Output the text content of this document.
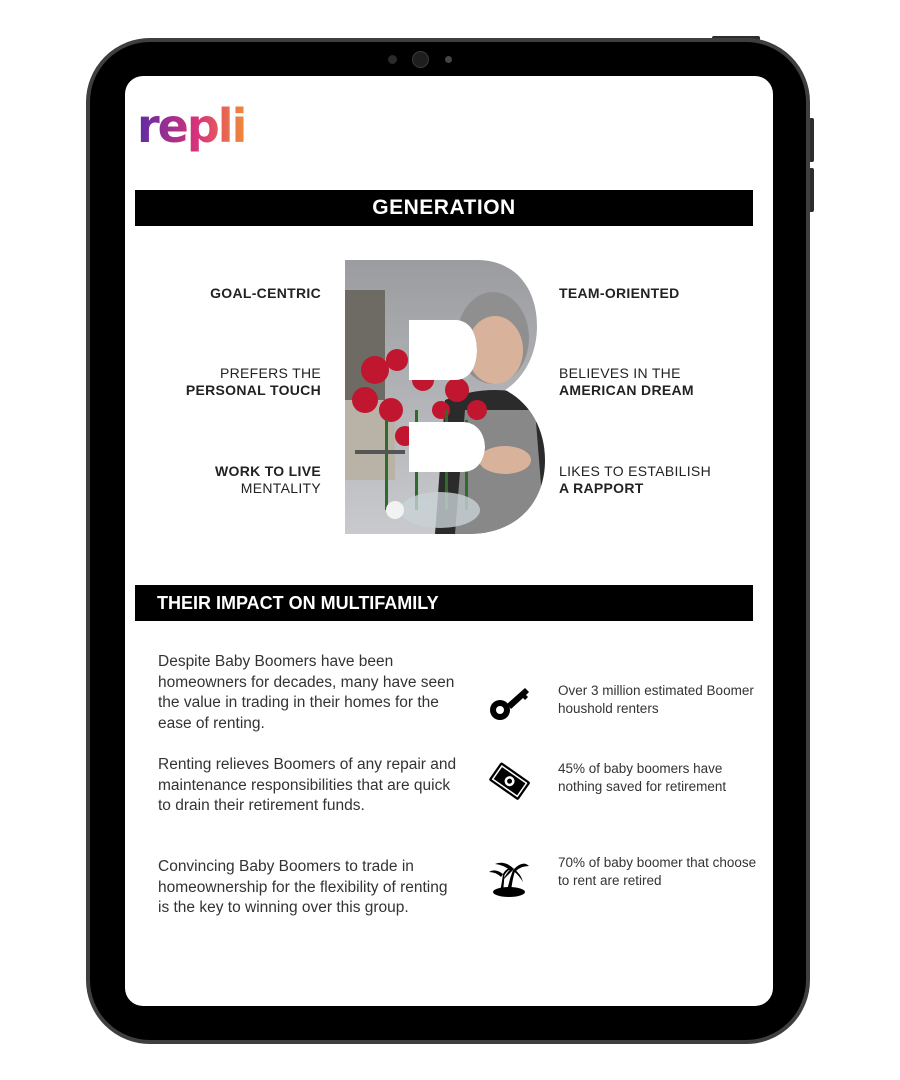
repli
GENERATION
GOAL-CENTRIC
PREFERS THE
PERSONAL TOUCH
WORK TO LIVE
MENTALITY
TEAM-ORIENTED
BELIEVES IN THE
AMERICAN DREAM
LIKES TO ESTABILISH
A RAPPORT
THEIR IMPACT ON MULTIFAMILY
Despite Baby Boomers have been homeowners for decades, many have seen the value in trading in their homes for the ease of renting.
Renting relieves Boomers of any repair and maintenance responsibilities that are quick to drain their retirement funds.
Convincing Baby Boomers to trade in homeownership for the flexibility of renting is the key to winning over this group.
Over 3 million estimated Boomer houshold renters
45% of baby boomers have nothing saved for retirement
70% of baby boomer that choose to rent are retired
